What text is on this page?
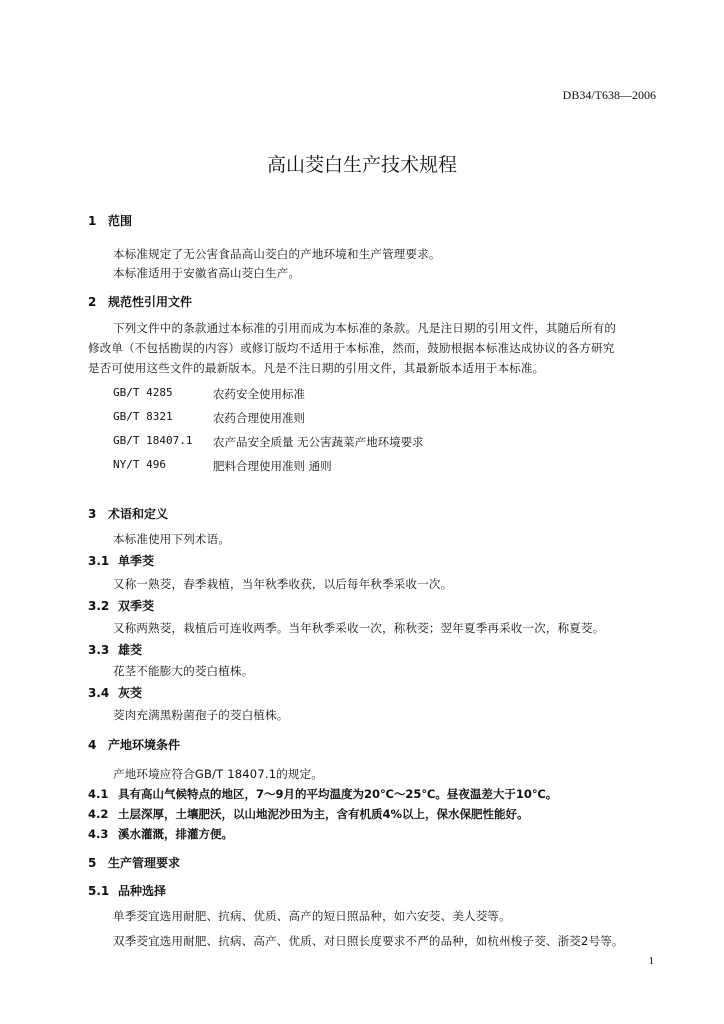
DB34/T638—2006
高山茭白生产技术规程
1 范围
本标准规定了无公害食品高山茭白的产地环境和生产管理要求。
本标准适用于安徽省高山茭白生产。
2 规范性引用文件
下列文件中的条款通过本标准的引用而成为本标准的条款。凡是注日期的引用文件，其随后所有的
修改单（不包括勘误的内容）或修订版均不适用于本标准，然而，鼓励根据本标准达成协议的各方研究
是否可使用这些文件的最新版本。凡是不注日期的引用文件，其最新版本适用于本标准。
GB/T 4285	农药安全使用标准
GB/T 8321	农药合理使用准则
GB/T 18407.1 农产品安全质量 无公害蔬菜产地环境要求
NY/T 496	肥料合理使用准则 通则
3 术语和定义
本标准使用下列术语。
3.1 单季茭
又称一熟茭，春季栽植，当年秋季收获，以后每年秋季采收一次。
3.2 双季茭
又称两熟茭，栽植后可连收两季。当年秋季采收一次，称秋茭；翌年夏季再采收一次，称夏茭。
3.3 雄茭
花茎不能膨大的茭白植株。
3.4 灰茭
茭肉充满黑粉菌孢子的茭白植株。
4 产地环境条件
产地环境应符合GB/T 18407.1的规定。
4.1 具有高山气候特点的地区，7～9月的平均温度为20℃～25℃。昼夜温差大于10℃。
4.2 土层深厚，土壤肥沃，以山地泥沙田为主，含有机质4%以上，保水保肥性能好。
4.3 溪水灌溉，排灌方便。
5 生产管理要求
5.1 品种选择
单季茭宜选用耐肥、抗病、优质、高产的短日照品种，如六安茭、美人茭等。
双季茭宜选用耐肥、抗病、高产、优质、对日照长度要求不严的品种，如杭州梭子茭、浙茭2号等。
1
